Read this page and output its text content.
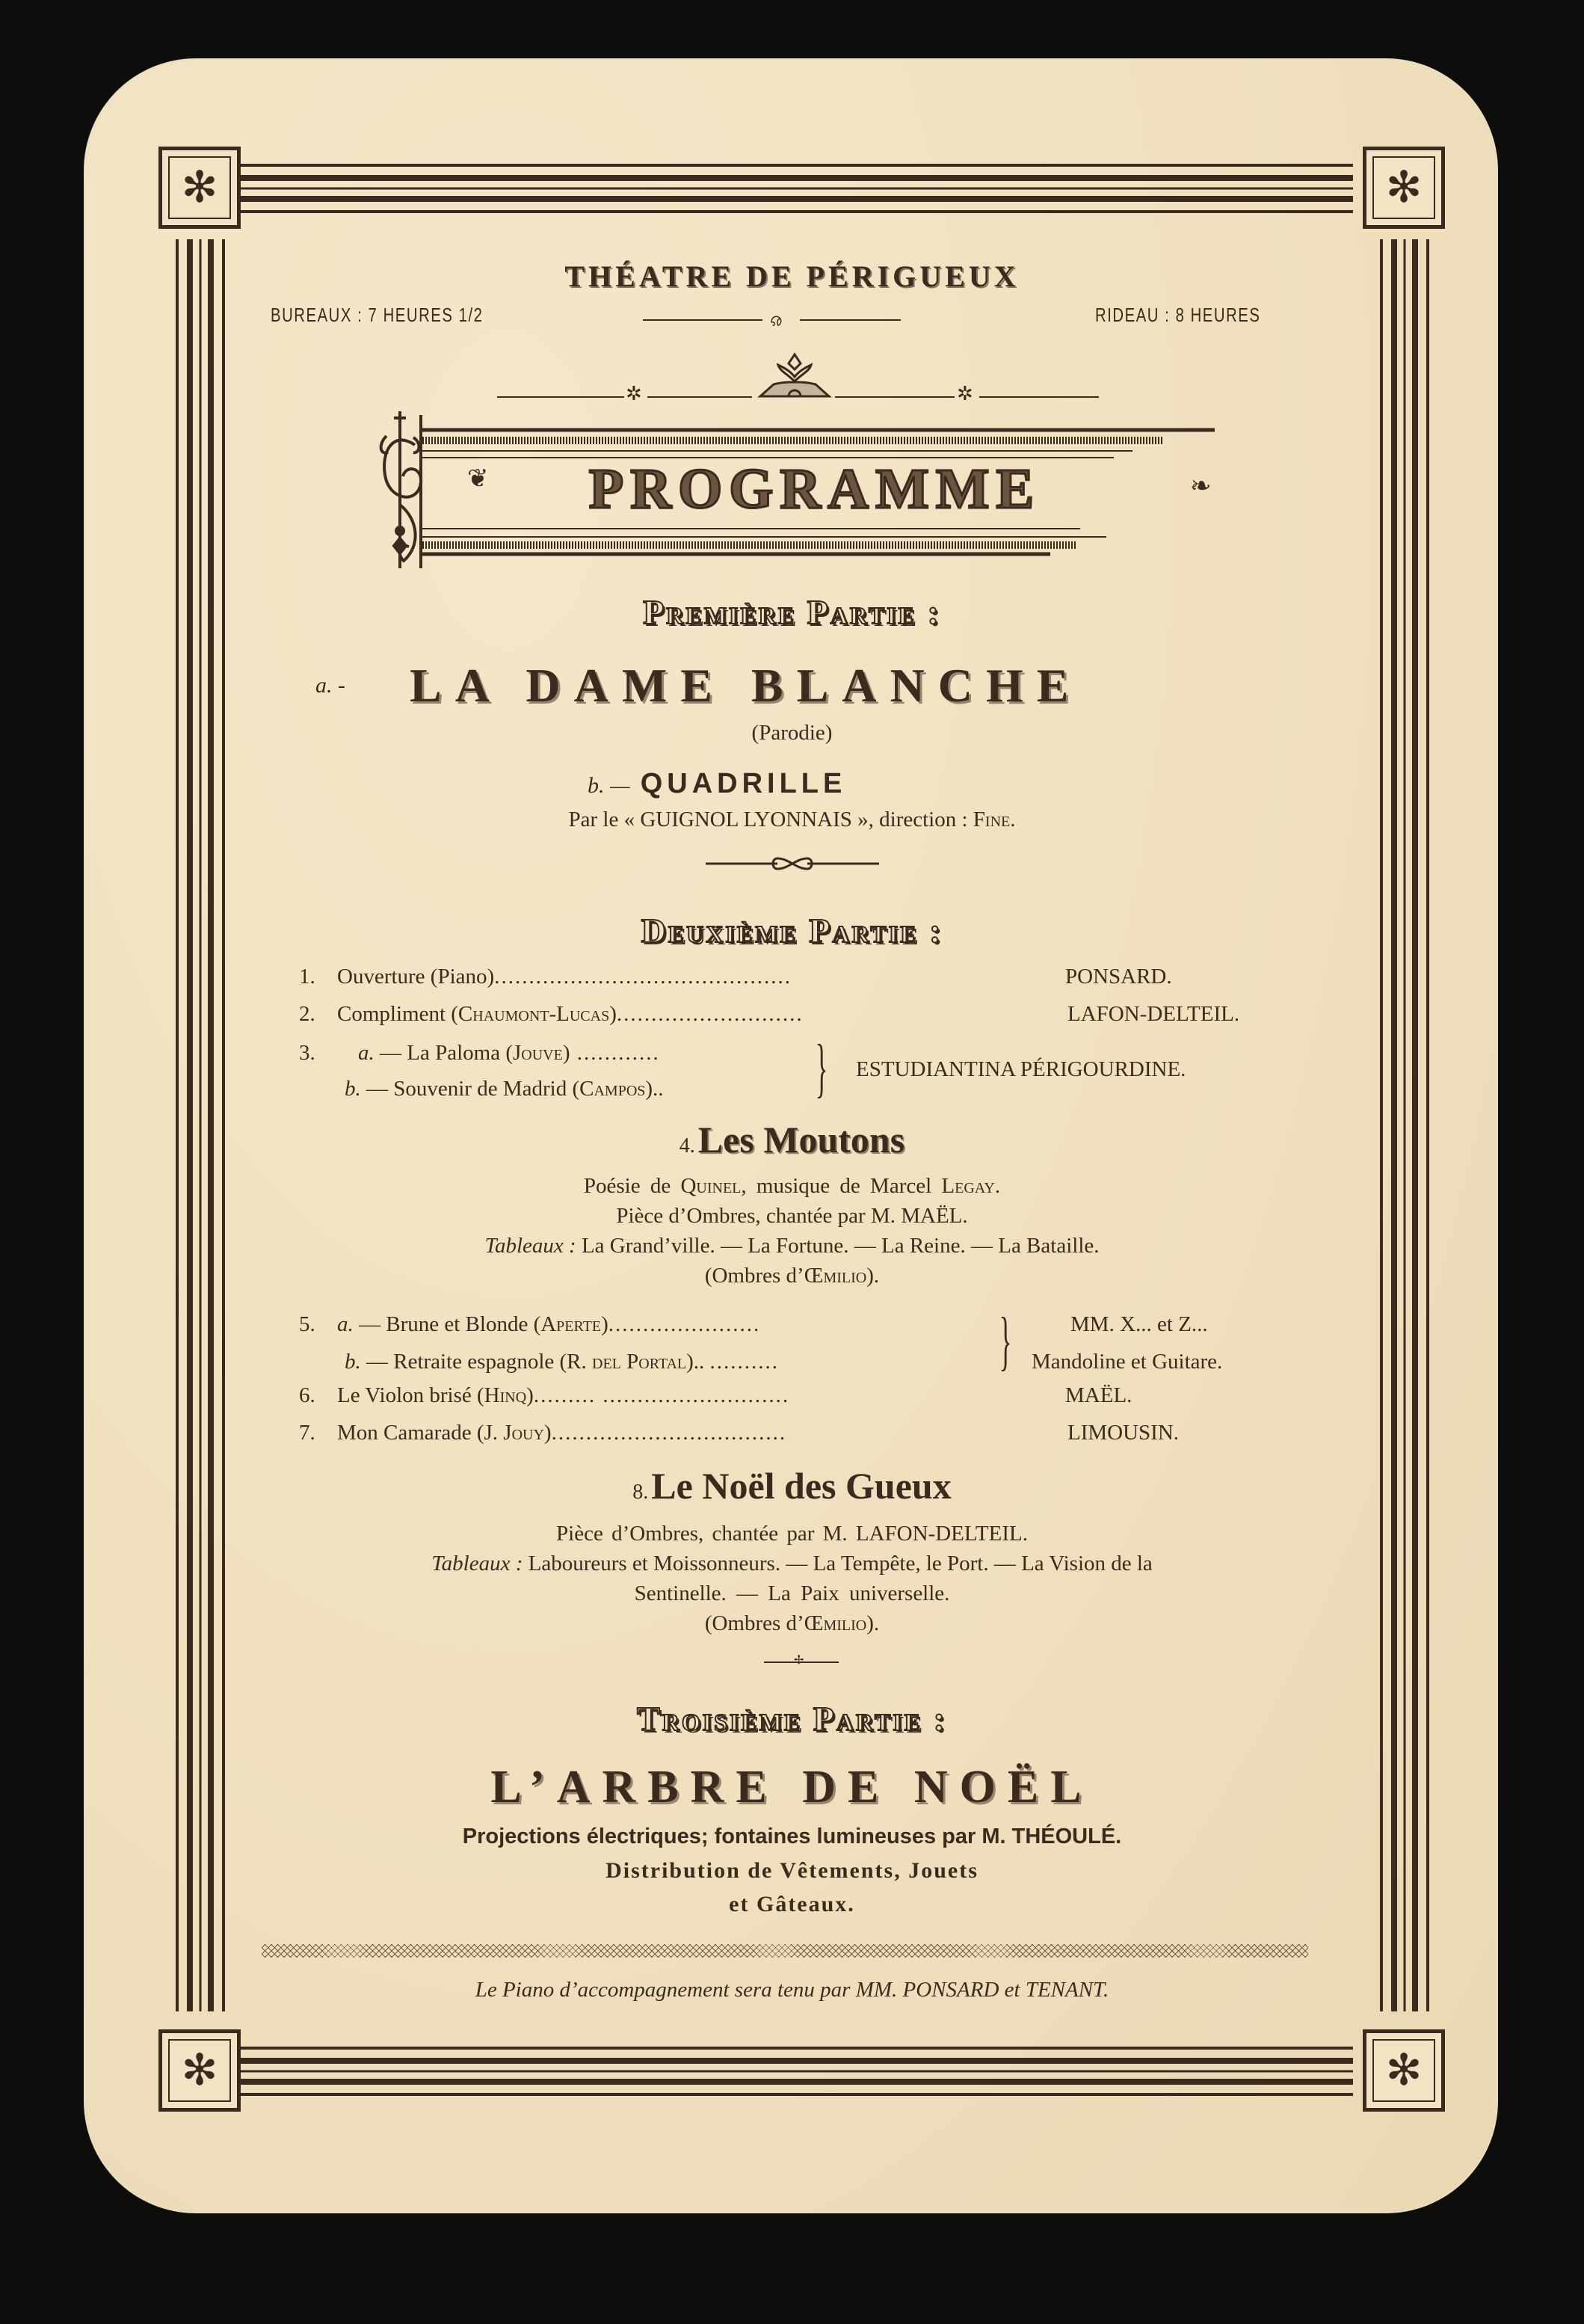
✻	✻
✻	✻
THÉATRE DE PÉRIGUEUX
BUREAUX : 7 HEURES 1/2	RIDEAU : 8 HEURES
ၷ
✲	✲
❦	❧
PROGRAMME
Première Partie :
a. - LA DAME BLANCHE
(Parodie)
b. — QUADRILLE
Par le « GUIGNOL LYONNAIS », direction : Fine.
Deuxième Partie :
1. Ouverture (Piano)...........................................	PONSARD.
2. Compliment (Chaumont-Lucas)...........................	LAFON-DELTEIL.
3. a. — La Paloma (Jouve) ............
b. — Souvenir de Madrid (Campos).. } ESTUDIANTINA PÉRIGOURDINE.
4. Les Moutons
Poésie de Quinel, musique de Marcel Legay.
Pièce d’Ombres, chantée par M. MAËL.
Tableaux : La Grand’ville. — La Fortune. — La Reine. — La Bataille.
(Ombres d’Œmilio).
5. a. — Brune et Blonde (Aperte)......................	MM. X... et Z...
b. — Retraite espagnole (R. del Portal).. ..........	} Mandoline et Guitare.
6. Le Violon brisé (Hinq)......... ...........................	MAËL.
7. Mon Camarade (J. Jouy)..................................	LIMOUSIN.
8. Le Noël des Gueux
Pièce d’Ombres, chantée par M. LAFON-DELTEIL.
Tableaux : Laboureurs et Moissonneurs. — La Tempête, le Port. — La Vision de la
Sentinelle. — La Paix universelle.
(Ombres d’Œmilio).
✢
Troisième Partie :
L’ARBRE DE NOËL
Projections électriques; fontaines lumineuses par M. THÉOULÉ.
Distribution de Vêtements, Jouets
et Gâteaux.
Le Piano d’accompagnement sera tenu par MM. PONSARD et TENANT.
